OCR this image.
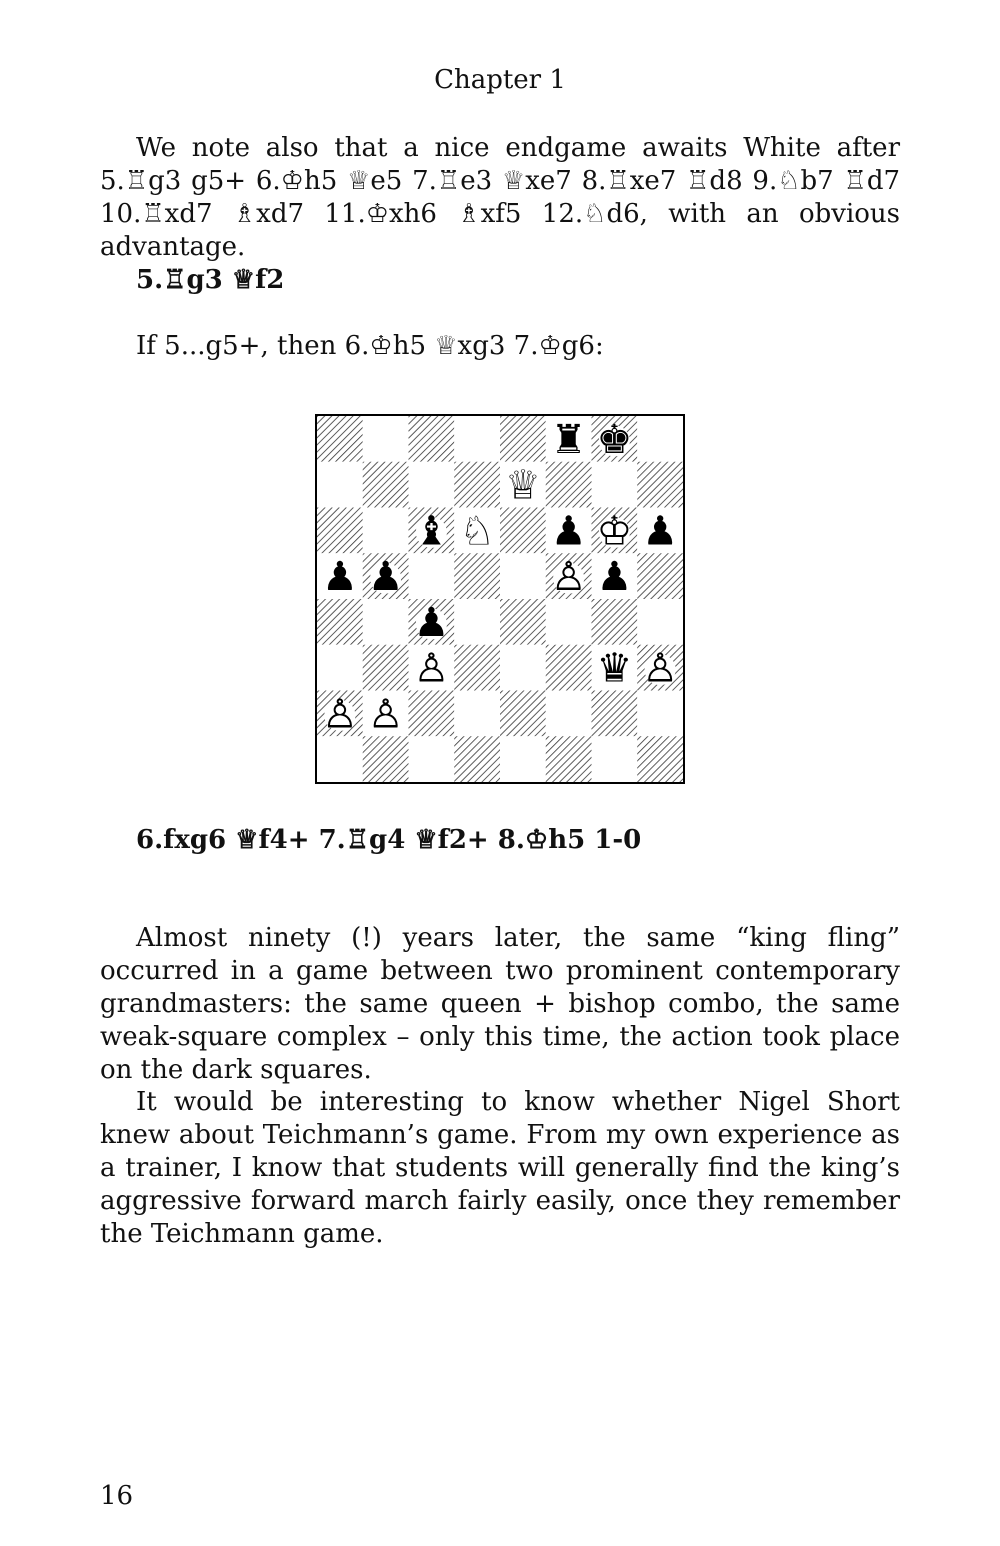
Chapter 1

We note also that a nice endgame awaits White after 5.♖g3 g5+ 6.♔h5 ♕e5 7.♖e3 ♕xe7 8.♖xe7 ♖d8 9.♘b7 ♖d7 10.♖xd7 ♗xd7 11.♔xh6 ♗xf5 12.♘d6, with an obvious advantage.

5.♖g3 ♕f2

If 5...g5+, then 6.♔h5 ♕xg3 7.♔g6:

♜ ♚
♕
♝ ♘ ♟ ♔ ♟
♟ ♟	♙ ♟
♟
♙	♛ ♙
♙ ♙

6.fxg6 ♕f4+ 7.♖g4 ♕f2+ 8.♔h5 1-0

Almost ninety (!) years later, the same “king fling” occurred in a game between two prominent contemporary grandmasters: the same queen + bishop combo, the same weak-square complex – only this time, the action took place on the dark squares.

It would be interesting to know whether Nigel Short knew about Teichmann’s game. From my own experience as a trainer, I know that students will generally find the king’s aggressive forward march fairly easily, once they remember the Teichmann game.

16
